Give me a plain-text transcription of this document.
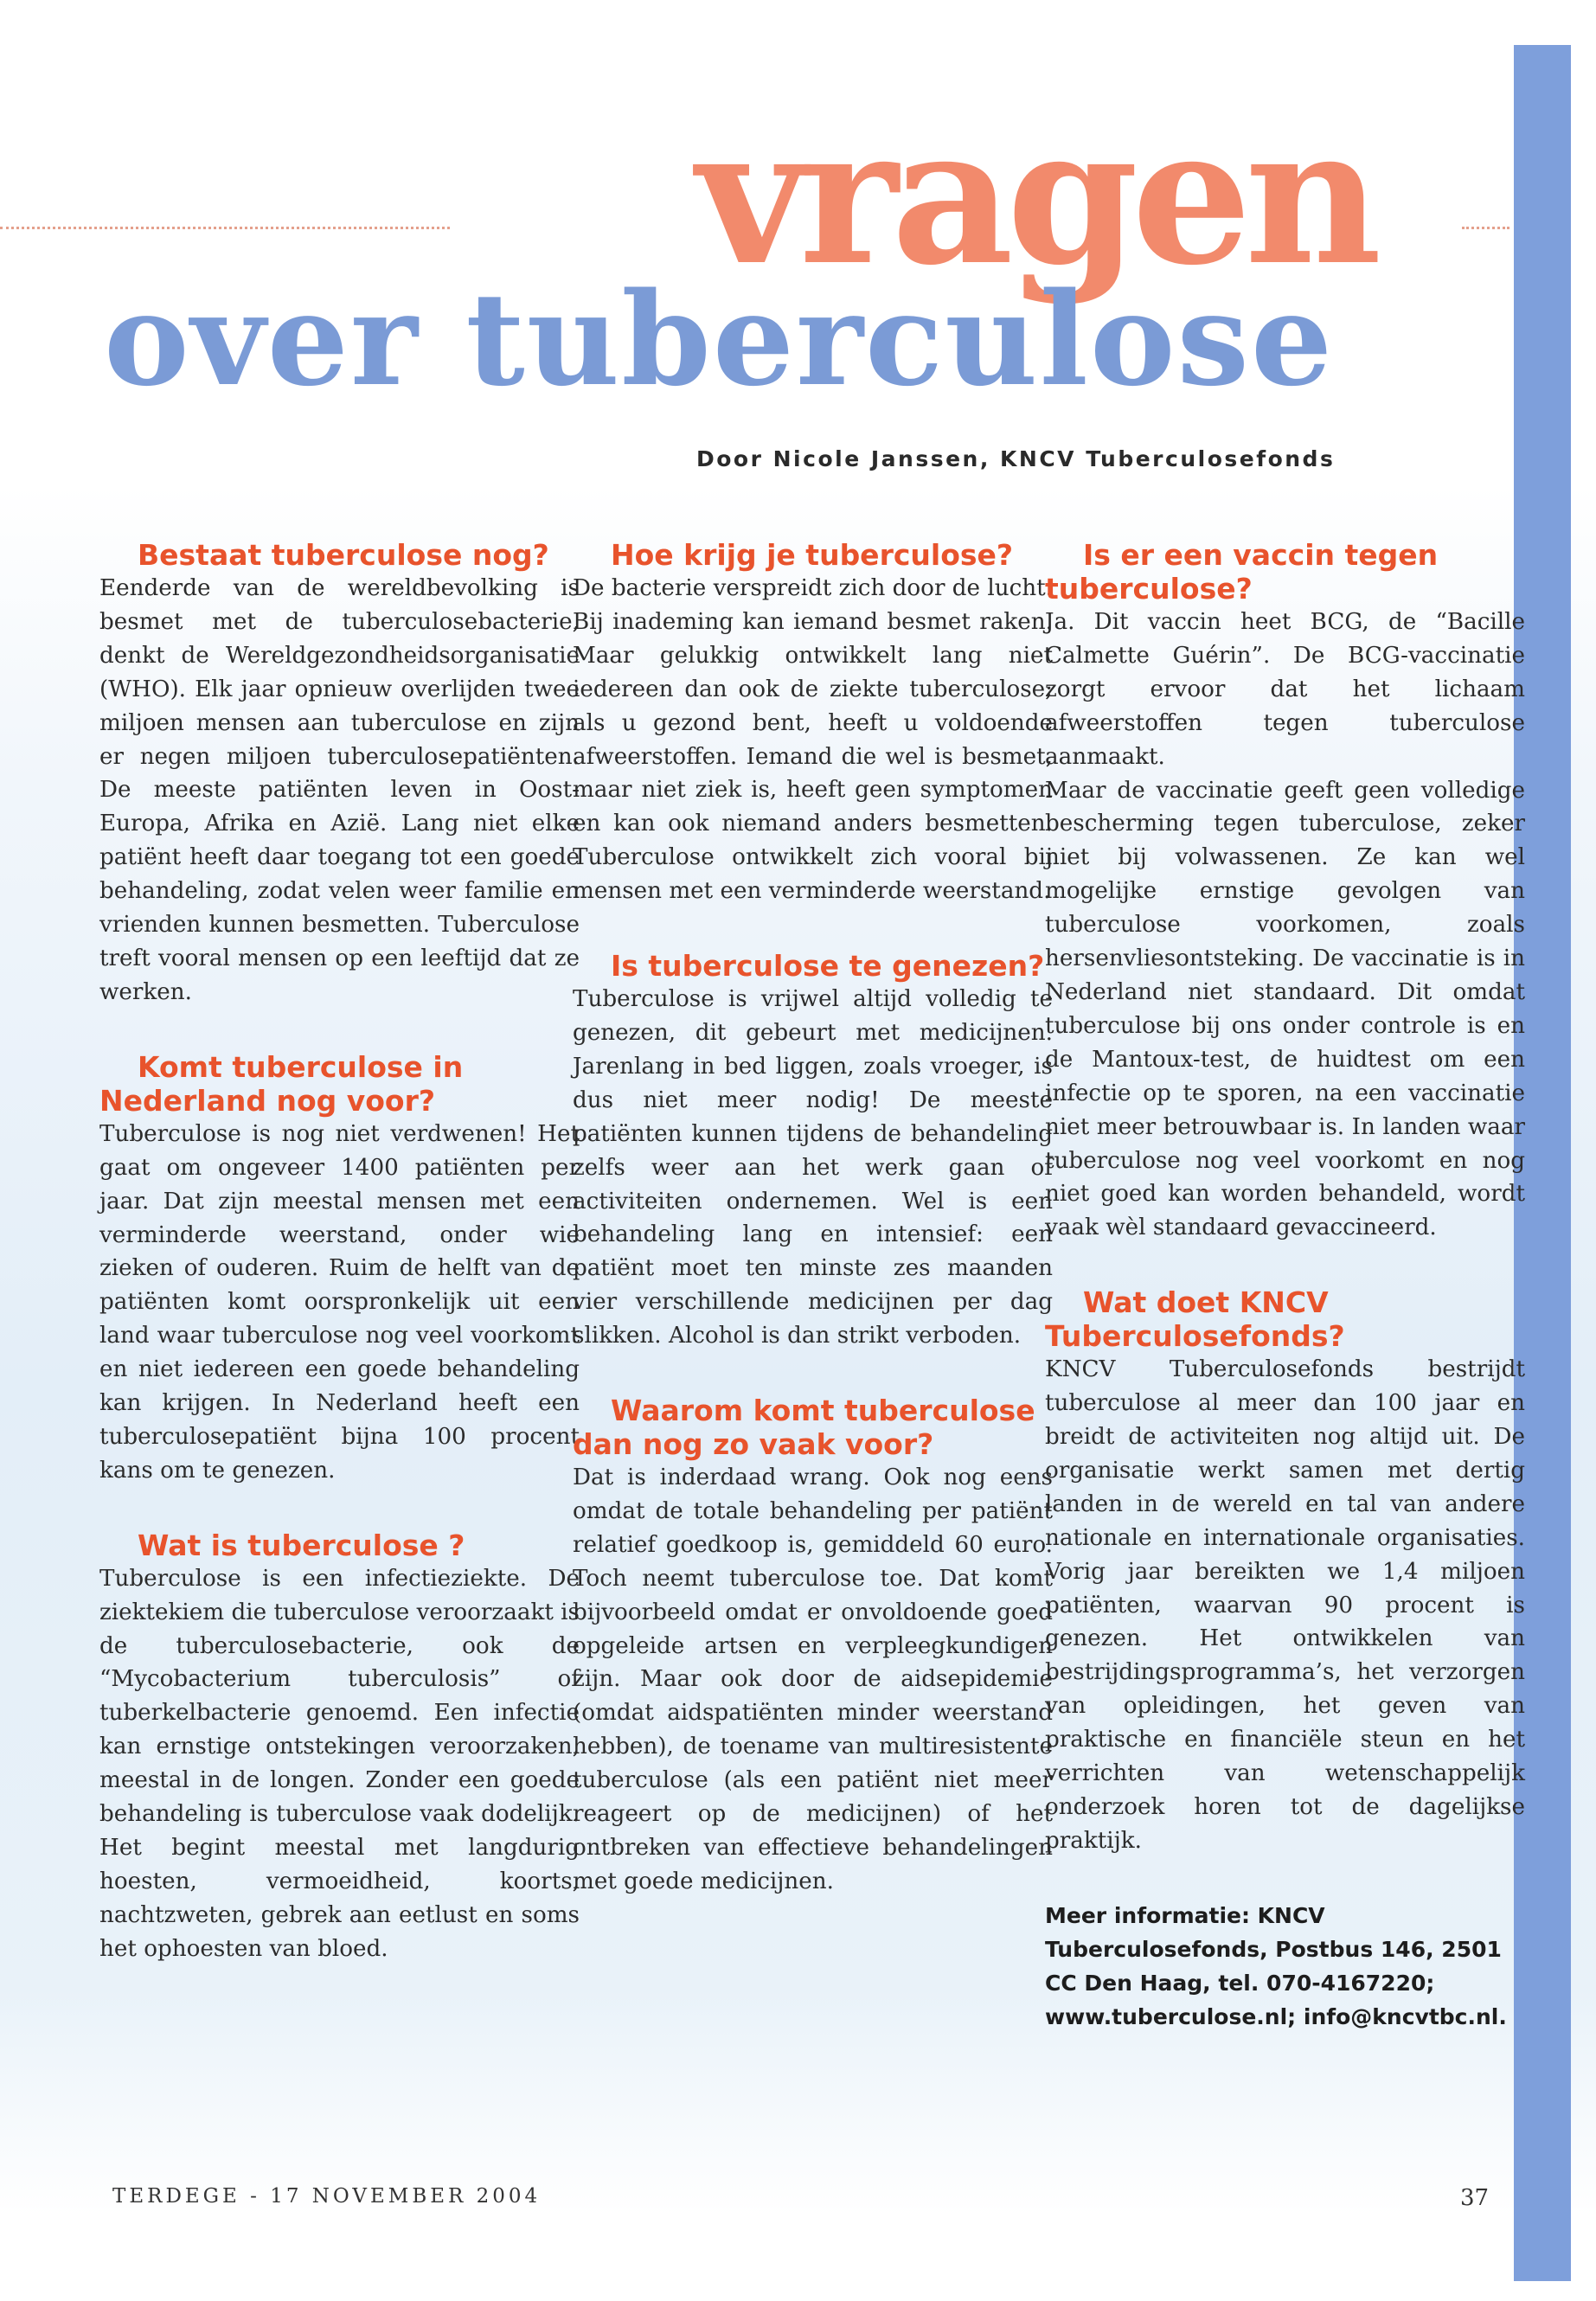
vragen
over tuberculose

Door Nicole Janssen, KNCV Tuberculosefonds

Bestaat tuberculose nog?

Eenderde van de wereldbevolking is besmet met de tuberculosebacterie, denkt de Wereldgezondheidsorganisatie (WHO). Elk jaar opnieuw overlijden twee miljoen mensen aan tuberculose en zijn er negen miljoen tuberculosepatiënten. De meeste patiënten leven in Oost-Europa, Afrika en Azië. Lang niet elke patiënt heeft daar toegang tot een goede behandeling, zodat velen weer familie en vrienden kunnen besmetten. Tuberculose treft vooral mensen op een leeftijd dat ze werken.

Komt tuberculose in Nederland nog voor?

Tuberculose is nog niet verdwenen! Het gaat om ongeveer 1400 patiënten per jaar. Dat zijn meestal mensen met een verminderde weerstand, onder wie zieken of ouderen. Ruim de helft van de patiënten komt oorspronkelijk uit een land waar tuberculose nog veel voorkomt en niet iedereen een goede behandeling kan krijgen. In Nederland heeft een tuberculosepatiënt bijna 100 procent kans om te genezen.

Wat is tuberculose ?

Tuberculose is een infectieziekte. De ziektekiem die tuberculose veroorzaakt is de tuberculosebacterie, ook de “Mycobacterium tuberculosis” of tuberkelbacterie genoemd. Een infectie kan ernstige ontstekingen veroorzaken, meestal in de longen. Zonder een goede behandeling is tuberculose vaak dodelijk. Het begint meestal met langdurig hoesten, vermoeidheid, koorts, nachtzweten, gebrek aan eetlust en soms het ophoesten van bloed.

Hoe krijg je tuberculose?

De bacterie verspreidt zich door de lucht. Bij inademing kan iemand besmet raken. Maar gelukkig ontwikkelt lang niet iedereen dan ook de ziekte tuberculose; als u gezond bent, heeft u voldoende afweerstoffen. Iemand die wel is besmet, maar niet ziek is, heeft geen symptomen en kan ook niemand anders besmetten. Tuberculose ontwikkelt zich vooral bij mensen met een verminderde weerstand.

Is tuberculose te genezen?

Tuberculose is vrijwel altijd volledig te genezen, dit gebeurt met medicijnen. Jarenlang in bed liggen, zoals vroeger, is dus niet meer nodig! De meeste patiënten kunnen tijdens de behandeling zelfs weer aan het werk gaan of activiteiten ondernemen. Wel is een behandeling lang en intensief: een patiënt moet ten minste zes maanden vier verschillende medicijnen per dag slikken. Alcohol is dan strikt verboden.

Waarom komt tuberculose dan nog zo vaak voor?

Dat is inderdaad wrang. Ook nog eens omdat de totale behandeling per patiënt relatief goedkoop is, gemiddeld 60 euro. Toch neemt tuberculose toe. Dat komt bijvoorbeeld omdat er onvoldoende goed opgeleide artsen en verpleegkundigen zijn. Maar ook door de aidsepidemie (omdat aidspatiënten minder weerstand hebben), de toename van multiresistente tuberculose (als een patiënt niet meer reageert op de medicijnen) of het ontbreken van effectieve behandelingen met goede medicijnen.

Is er een vaccin tegen tuberculose?

Ja. Dit vaccin heet BCG, de “Bacille Calmette Guérin”. De BCG-vaccinatie zorgt ervoor dat het lichaam afweerstoffen tegen tuberculose aanmaakt.

Maar de vaccinatie geeft geen volledige bescherming tegen tuberculose, zeker niet bij volwassenen. Ze kan wel mogelijke ernstige gevolgen van tuberculose voorkomen, zoals hersenvliesontsteking. De vaccinatie is in Nederland niet standaard. Dit omdat tuberculose bij ons onder controle is en de Mantoux-test, de huidtest om een infectie op te sporen, na een vaccinatie niet meer betrouwbaar is. In landen waar tuberculose nog veel voorkomt en nog niet goed kan worden behandeld, wordt vaak wèl standaard gevaccineerd.

Wat doet KNCV Tuberculosefonds?

KNCV Tuberculosefonds bestrijdt tuberculose al meer dan 100 jaar en breidt de activiteiten nog altijd uit. De organisatie werkt samen met dertig landen in de wereld en tal van andere nationale en internationale organisaties. Vorig jaar bereikten we 1,4 miljoen patiënten, waarvan 90 procent is genezen. Het ontwikkelen van bestrijdingsprogramma’s, het verzorgen van opleidingen, het geven van praktische en financiële steun en het verrichten van wetenschappelijk onderzoek horen tot de dagelijkse praktijk.

Meer informatie: KNCV Tuberculosefonds, Postbus 146, 2501 CC Den Haag, tel. 070-4167220; www.tuberculose.nl; info@kncvtbc.nl.

TERDEGE - 17 NOVEMBER 2004	37
